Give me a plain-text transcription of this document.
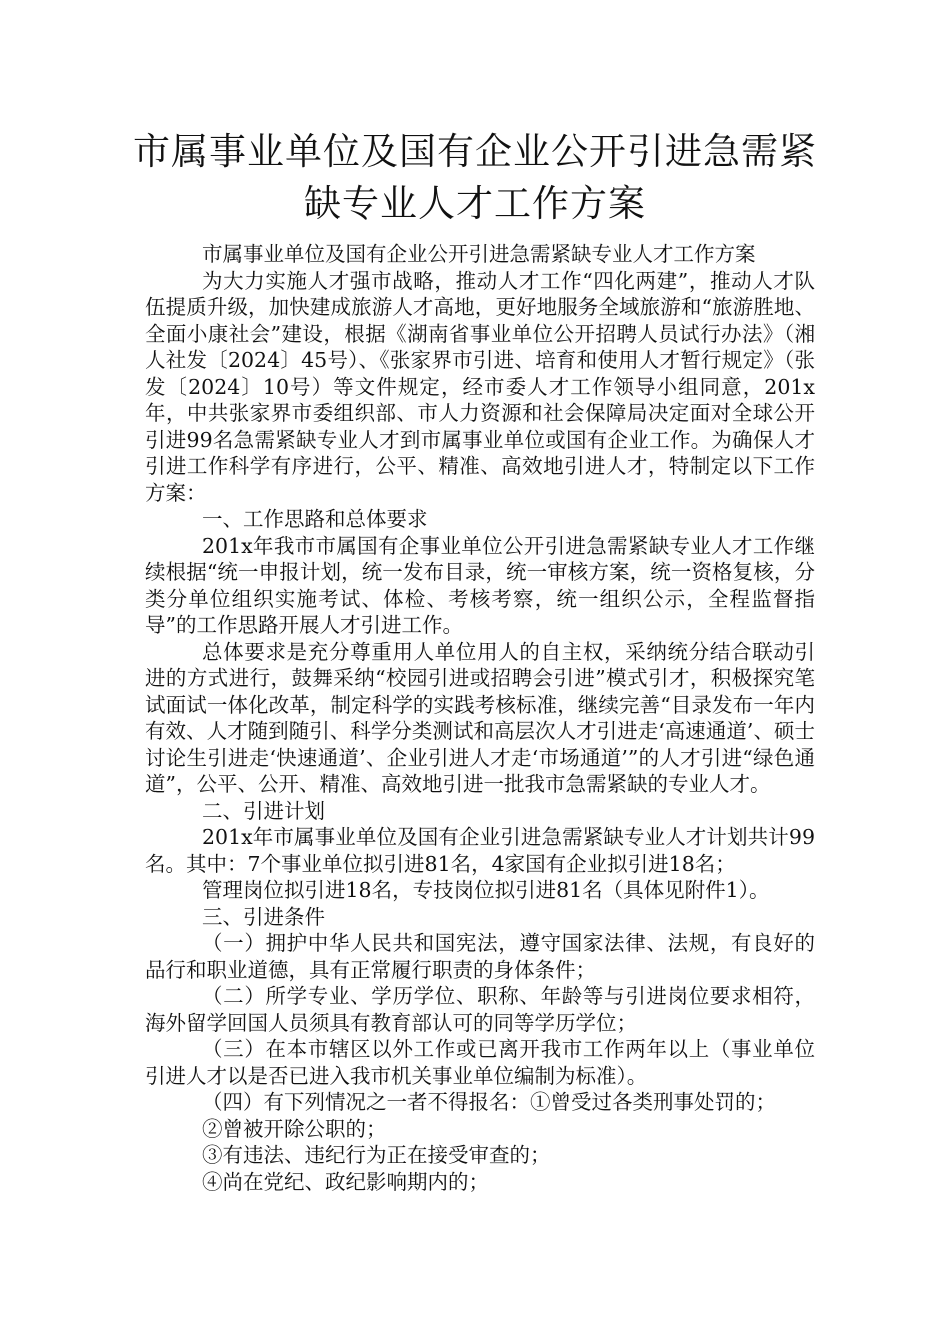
市属事业单位及国有企业公开引进急需紧
缺专业人才工作方案

市属事业单位及国有企业公开引进急需紧缺专业人才工作方案

为大力实施人才强市战略，推动人才工作“四化两建”，推动人才队伍提质升级，加快建成旅游人才高地，更好地服务全域旅游和“旅游胜地、全面小康社会”建设，根据《湖南省事业单位公开招聘人员试行办法》（湘人社发〔2024〕45号）、《张家界市引进、培育和使用人才暂行规定》（张发〔2024〕10号）等文件规定，经市委人才工作领导小组同意，201x年，中共张家界市委组织部、市人力资源和社会保障局决定面对全球公开引进99名急需紧缺专业人才到市属事业单位或国有企业工作。为确保人才引进工作科学有序进行，公平、精准、高效地引进人才，特制定以下工作方案：

一、工作思路和总体要求

201x年我市市属国有企事业单位公开引进急需紧缺专业人才工作继续根据“统一申报计划，统一发布目录，统一审核方案，统一资格复核，分类分单位组织实施考试、体检、考核考察，统一组织公示，全程监督指导”的工作思路开展人才引进工作。

总体要求是充分尊重用人单位用人的自主权，采纳统分结合联动引进的方式进行，鼓舞采纳“校园引进或招聘会引进”模式引才，积极探究笔试面试一体化改革，制定科学的实践考核标准，继续完善“目录发布一年内有效、人才随到随引、科学分类测试和高层次人才引进走‘高速通道’、硕士讨论生引进走‘快速通道’、企业引进人才走‘市场通道’”的人才引进“绿色通道”，公平、公开、精准、高效地引进一批我市急需紧缺的专业人才。

二、引进计划

201x年市属事业单位及国有企业引进急需紧缺专业人才计划共计99名。其中：7个事业单位拟引进81名，4家国有企业拟引进18名；

管理岗位拟引进18名，专技岗位拟引进81名（具体见附件1）。

三、引进条件

（一）拥护中华人民共和国宪法，遵守国家法律、法规，有良好的品行和职业道德，具有正常履行职责的身体条件；

（二）所学专业、学历学位、职称、年龄等与引进岗位要求相符，海外留学回国人员须具有教育部认可的同等学历学位；

（三）在本市辖区以外工作或已离开我市工作两年以上（事业单位引进人才以是否已进入我市机关事业单位编制为标准）。

（四）有下列情况之一者不得报名：①曾受过各类刑事处罚的；

②曾被开除公职的；

③有违法、违纪行为正在接受审查的；

④尚在党纪、政纪影响期内的；
